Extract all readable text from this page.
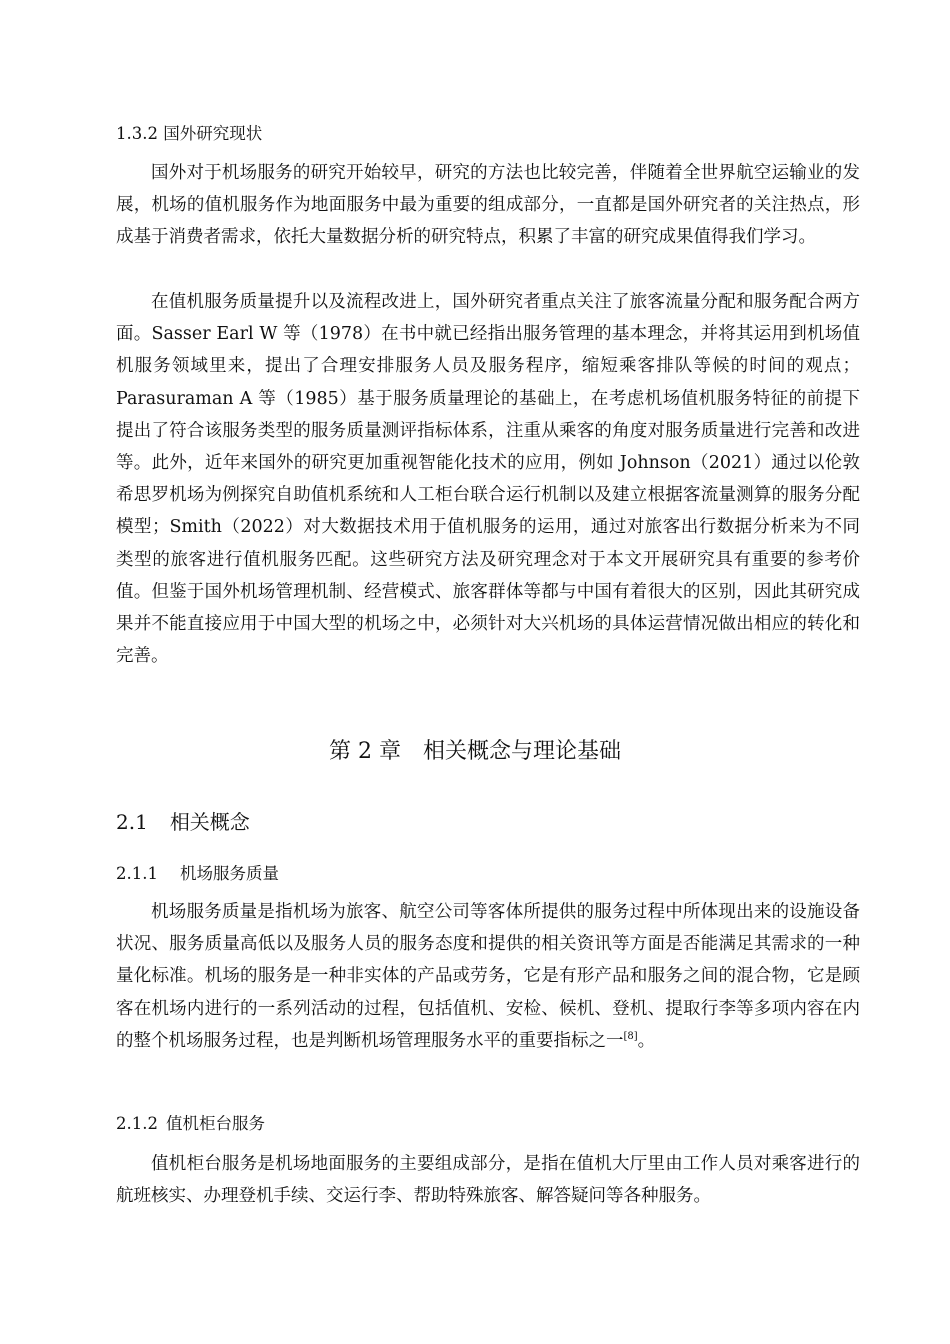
1.3.2 国外研究现状

国外对于机场服务的研究开始较早，研究的方法也比较完善，伴随着全世界航空运输业的发展，机场的值机服务作为地面服务中最为重要的组成部分，一直都是国外研究者的关注热点，形成基于消费者需求，依托大量数据分析的研究特点，积累了丰富的研究成果值得我们学习。

在值机服务质量提升以及流程改进上，国外研究者重点关注了旅客流量分配和服务配合两方面。Sasser Earl W 等（1978）在书中就已经指出服务管理的基本理念，并将其运用到机场值机服务领域里来，提出了合理安排服务人员及服务程序，缩短乘客排队等候的时间的观点；Parasuraman A 等（1985）基于服务质量理论的基础上，在考虑机场值机服务特征的前提下提出了符合该服务类型的服务质量测评指标体系，注重从乘客的角度对服务质量进行完善和改进等。此外，近年来国外的研究更加重视智能化技术的应用，例如 Johnson（2021）通过以伦敦希思罗机场为例探究自助值机系统和人工柜台联合运行机制以及建立根据客流量测算的服务分配模型；Smith（2022）对大数据技术用于值机服务的运用，通过对旅客出行数据分析来为不同类型的旅客进行值机服务匹配。这些研究方法及研究理念对于本文开展研究具有重要的参考价值。但鉴于国外机场管理机制、经营模式、旅客群体等都与中国有着很大的区别，因此其研究成果并不能直接应用于中国大型的机场之中，必须针对大兴机场的具体运营情况做出相应的转化和完善。

第 2 章 相关概念与理论基础
2.1 相关概念
2.1.1 机场服务质量

机场服务质量是指机场为旅客、航空公司等客体所提供的服务过程中所体现出来的设施设备状况、服务质量高低以及服务人员的服务态度和提供的相关资讯等方面是否能满足其需求的一种量化标准。机场的服务是一种非实体的产品或劳务，它是有形产品和服务之间的混合物，它是顾客在机场内进行的一系列活动的过程，包括值机、安检、候机、登机、提取行李等多项内容在内的整个机场服务过程，也是判断机场管理服务水平的重要指标之一[8]。

2.1.2 值机柜台服务

值机柜台服务是机场地面服务的主要组成部分，是指在值机大厅里由工作人员对乘客进行的航班核实、办理登机手续、交运行李、帮助特殊旅客、解答疑问等各种服务。
